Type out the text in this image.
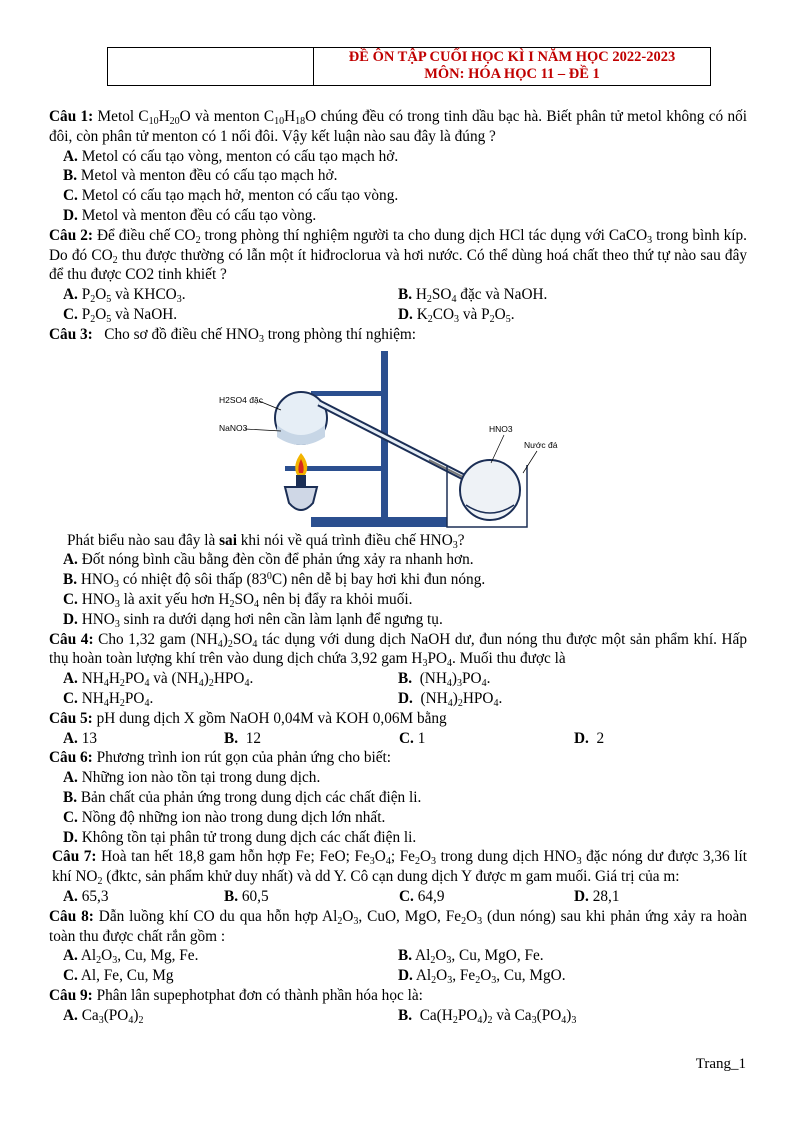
ĐỀ ÔN TẬP CUỐI HỌC KÌ I NĂM HỌC 2022-2023
MÔN: HÓA HỌC 11 – ĐỀ 1
Câu 1: Metol $C_{10}H_{20}O$ và menton $C_{10}H_{18}O$ chúng đều có trong tinh dầu bạc hà. Biết phân tử metol không có nối đôi, còn phân tử menton có 1 nối đôi. Vậy kết luận nào sau đây là đúng ?
A. Metol có cấu tạo vòng, menton có cấu tạo mạch hở.
B. Metol và menton đều có cấu tạo mạch hở.
C. Metol có cấu tạo mạch hở, menton có cấu tạo vòng.
D. Metol và menton đều có cấu tạo vòng.
Câu 2: Để điều chế $CO_2$ trong phòng thí nghiệm người ta cho dung dịch HCl tác dụng với CaCO$_3$ trong bình kíp. Do đó $CO_2$ thu được thường có lẫn một ít hiđroclorua và hơi nước. Có thể dùng hoá chất theo thứ tự nào sau đây để thu được CO2 tinh khiết ?
A. $P_2O_5$ và $KHCO_3$.	B. $H_2SO_4$ đặc và NaOH.
C. $P_2O_5$ và NaOH.	D. $K_2CO_3$ và $P_2O_5$.
Câu 3: Cho sơ đồ điều chế $HNO_3$ trong phòng thí nghiệm:
H2SO4 đặc
NaNO3	HNO3
Nước đá
Phát biểu nào sau đây là sai khi nói về quá trình điều chế $HNO_3$?
A. Đốt nóng bình cầu bằng đèn cồn để phản ứng xảy ra nhanh hơn.
B. $HNO_3$ có nhiệt độ sôi thấp $(83^0C)$ nên dễ bị bay hơi khi đun nóng.
C. $HNO_3$ là axit yếu hơn $H_2SO_4$ nên bị đẩy ra khỏi muối.
D. $HNO_3$ sinh ra dưới dạng hơi nên cần làm lạnh để ngưng tụ.
Câu 4: Cho 1,32 gam $(NH_4)_2SO_4$ tác dụng với dung dịch NaOH dư, đun nóng thu được một sản phẩm khí. Hấp thụ hoàn toàn lượng khí trên vào dung dịch chứa 3,92 gam $H_3PO_4$. Muối thu được là
A. $NH_4H_2PO_4$ và $(NH_4)_2HPO_4$.	B. $(NH_4)_3PO_4$.
C. $NH_4H_2PO_4$.	D. $(NH_4)_2HPO_4$.
Câu 5: pH dung dịch X gồm NaOH 0,04M và KOH 0,06M bằng
A. 13	B. 12	C. 1	D. 2
Câu 6: Phương trình ion rút gọn của phản ứng cho biết:
A. Những ion nào tồn tại trong dung dịch.
B. Bản chất của phản ứng trong dung dịch các chất điện li.
C. Nồng độ những ion nào trong dung dịch lớn nhất.
D. Không tồn tại phân tử trong dung dịch các chất điện li.
Câu 7: Hoà tan hết 18,8 gam hỗn hợp Fe; FeO; $Fe_3O_4$; $Fe_2O_3$ trong dung dịch $HNO_3$ đặc nóng dư được 3,36 lít khí $NO_2$ (đktc, sản phẩm khử duy nhất) và dd Y. Cô cạn dung dịch Y được m gam muối. Giá trị của m:
A. 65,3	B. 60,5	C. 64,9	D. 28,1
Câu 8: Dẫn luồng khí CO du qua hỗn hợp $Al_2O_3$, CuO, MgO, $Fe_2O_3$ (dun nóng) sau khi phản ứng xảy ra hoàn toàn thu được chất rắn gồm :
A. $Al_2O_3$, Cu, Mg, Fe.	B. $Al_2O_3$, Cu, MgO, Fe.
C. Al, Fe, Cu, Mg	D. $Al_2O_3$, $Fe_2O_3$, Cu, MgO.
Câu 9: Phân lân supephotphat đơn có thành phần hóa học là:
A. $Ca_3(PO_4)_2$	B. $Ca(H_2PO_4)_2$ và $Ca_3(PO_4)_3$
Trang_1
